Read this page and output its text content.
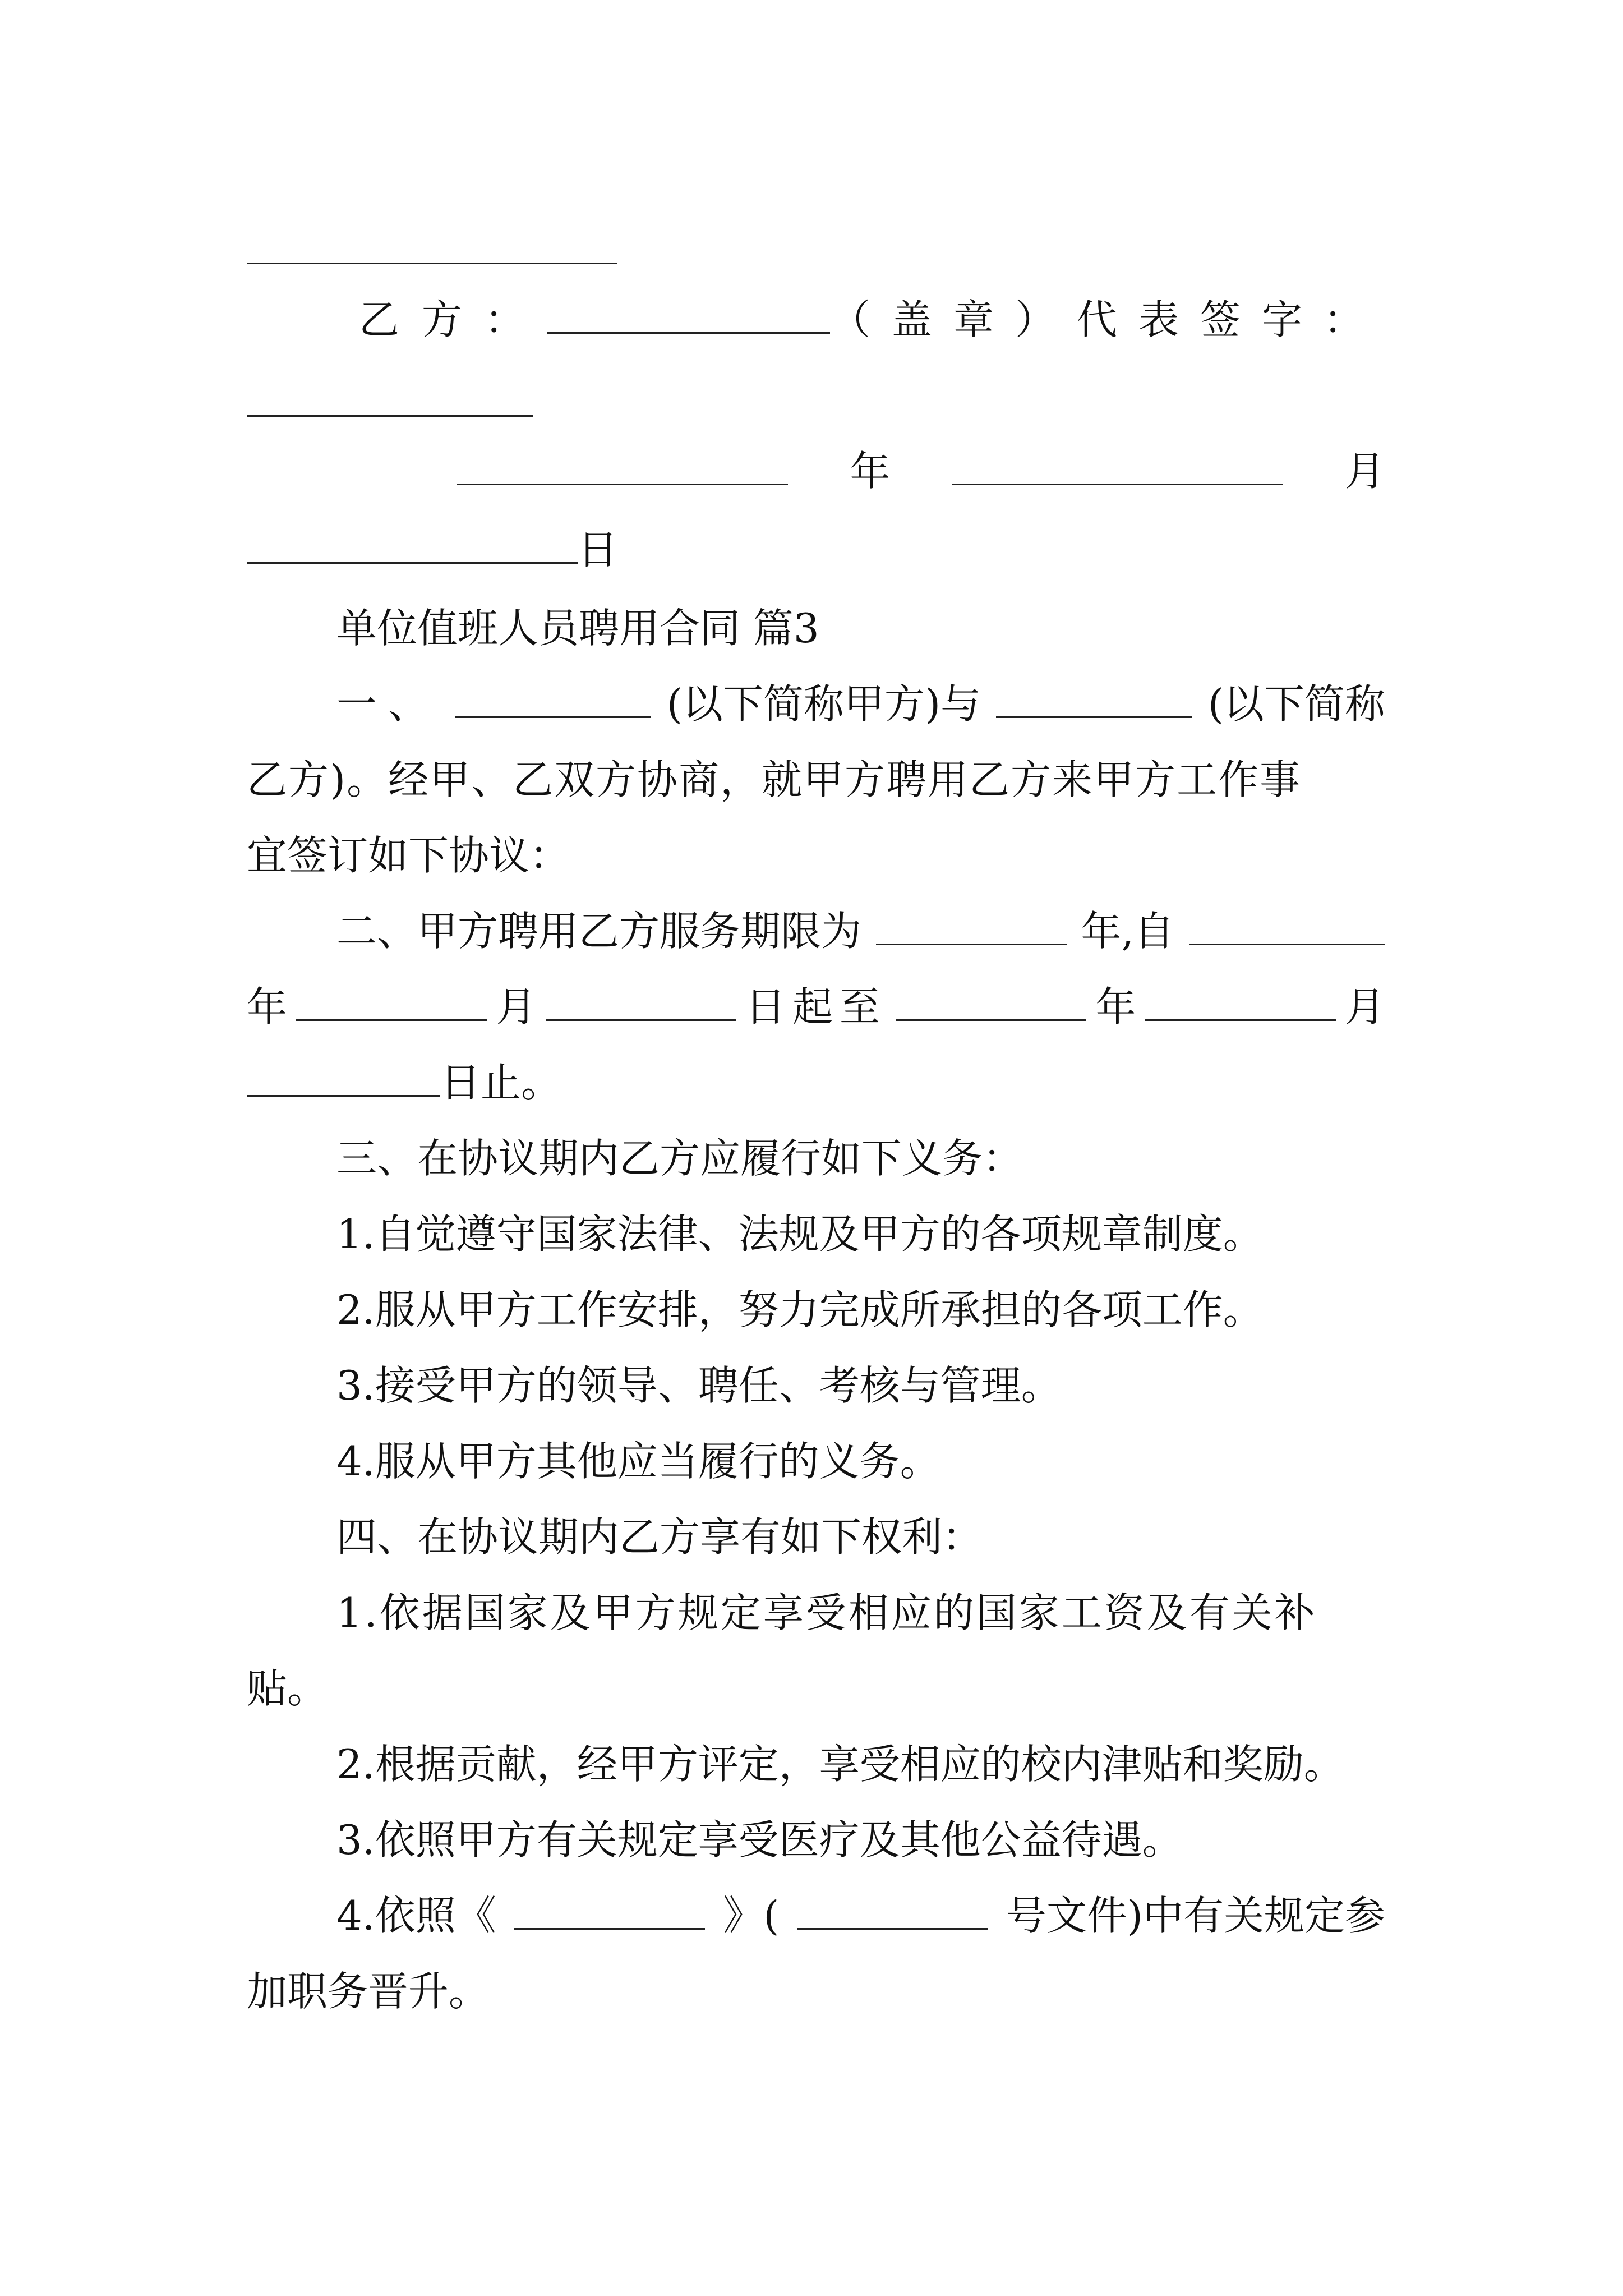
乙方：	（盖章）代表签字：
年	月
日
单位值班人员聘用合同 篇3
一、	(以下简称甲方)与	(以下简称
乙方)。经甲、乙双方协商，就甲方聘用乙方来甲方工作事
宜签订如下协议：
二、甲方聘用乙方服务期限为	年,自
年	月	日起至	年	月
日止。
三、在协议期内乙方应履行如下义务：
1.自觉遵守国家法律、法规及甲方的各项规章制度。
2.服从甲方工作安排，努力完成所承担的各项工作。
3.接受甲方的领导、聘任、考核与管理。
4.服从甲方其他应当履行的义务。
四、在协议期内乙方享有如下权利：
1.依据国家及甲方规定享受相应的国家工资及有关补
贴。
2.根据贡献，经甲方评定，享受相应的校内津贴和奖励。
3.依照甲方有关规定享受医疗及其他公益待遇。
4.依照《	》(	号文件)中有关规定参
加职务晋升。
